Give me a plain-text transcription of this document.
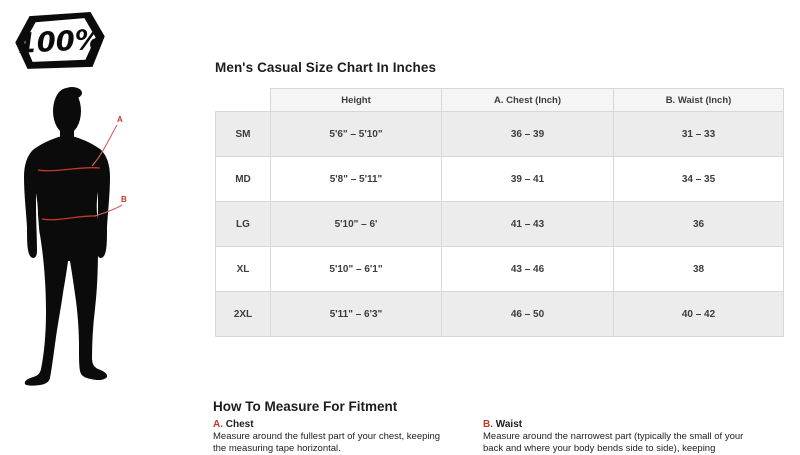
100%
A
B
Men's Casual Size Chart In Inches
	Height	A. Chest (Inch)	B. Waist (Inch)
SM	5'6" – 5'10"	36 – 39	31 – 33
MD	5'8" – 5'11"	39 – 41	34 – 35
LG	5'10" – 6'	41 – 43	36
XL	5'10" – 6'1"	43 – 46	38
2XL	5'11" – 6'3"	46 – 50	40 – 42
How To Measure For Fitment
A. Chest

Measure around the fullest part of your chest, keeping the measuring tape horizontal.

B. Waist

Measure around the narrowest part (typically the small of your back and where your body bends side to side), keeping
